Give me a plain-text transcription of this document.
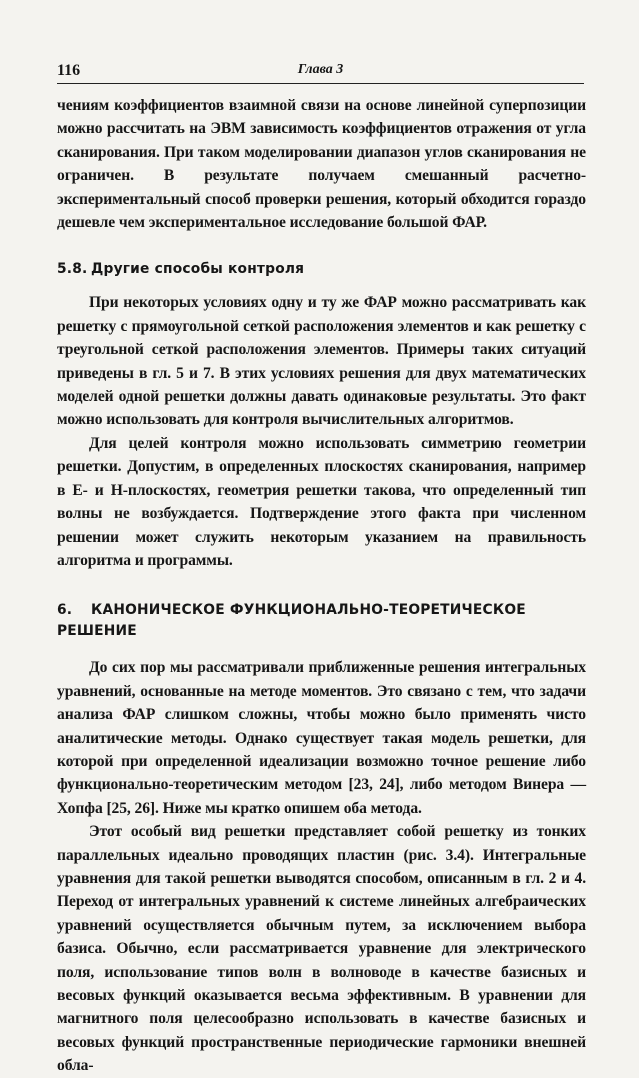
116	Глава 3

чениям коэффициентов взаимной связи на основе линейной суперпозиции можно рассчитать на ЭВМ зависимость коэффициентов отражения от угла сканирования. При таком моделировании диапазон углов сканирования не ограничен. В результате получаем смешанный расчетно-экспериментальный способ проверки решения, который обходится гораздо дешевле чем экспериментальное исследование большой ФАР.

5.8. Другие способы контроля

При некоторых условиях одну и ту же ФАР можно рассматривать как решетку с прямоугольной сеткой расположения элементов и как решетку с треугольной сеткой расположения элементов. Примеры таких ситуаций приведены в гл. 5 и 7. В этих условиях решения для двух математических моделей одной решетки должны давать одинаковые результаты. Это факт можно использовать для контроля вычислительных алгоритмов.

Для целей контроля можно использовать симметрию геометрии решетки. Допустим, в определенных плоскостях сканирования, например в E- и H-плоскостях, геометрия решетки такова, что определенный тип волны не возбуждается. Подтверждение этого факта при численном решении может служить некоторым указанием на правильность алгоритма и программы.

6. КАНОНИЧЕСКОЕ ФУНКЦИОНАЛЬНО-ТЕОРЕТИЧЕСКОЕ
РЕШЕНИЕ

До сих пор мы рассматривали приближенные решения интегральных уравнений, основанные на методе моментов. Это связано с тем, что задачи анализа ФАР слишком сложны, чтобы можно было применять чисто аналитические методы. Однако существует такая модель решетки, для которой при определенной идеализации возможно точное решение либо функционально-теоретическим методом [23, 24], либо методом Винера — Хопфа [25, 26]. Ниже мы кратко опишем оба метода.

Этот особый вид решетки представляет собой решетку из тонких параллельных идеально проводящих пластин (рис. 3.4). Интегральные уравнения для такой решетки выводятся способом, описанным в гл. 2 и 4. Переход от интегральных уравнений к системе линейных алгебраических уравнений осуществляется обычным путем, за исключением выбора базиса. Обычно, если рассматривается уравнение для электрического поля, использование типов волн в волноводе в качестве базисных и весовых функций оказывается весьма эффективным. В уравнении для магнитного поля целесообразно использовать в качестве базисных и весовых функций пространственные периодические гармоники внешней обла-
